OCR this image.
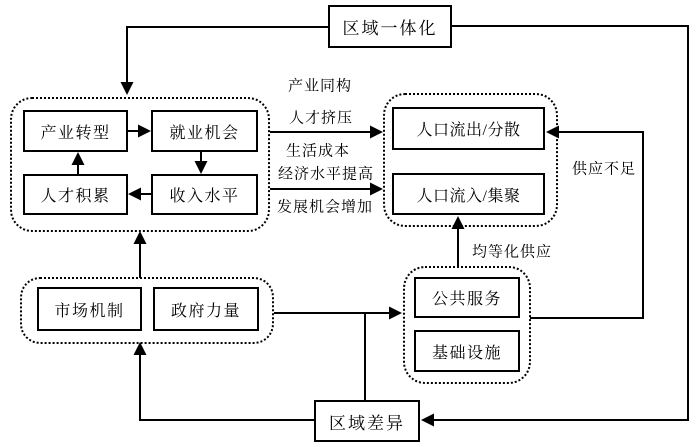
区域一体化
产业转型	就业机会
人才积累	收入水平
人口流出/分散
人口流入/集聚
市场机制	政府力量
公共服务
基础设施
区域差异
产业同构
人才挤压
生活成本
经济水平提高
发展机会增加
供应不足
均等化供应
